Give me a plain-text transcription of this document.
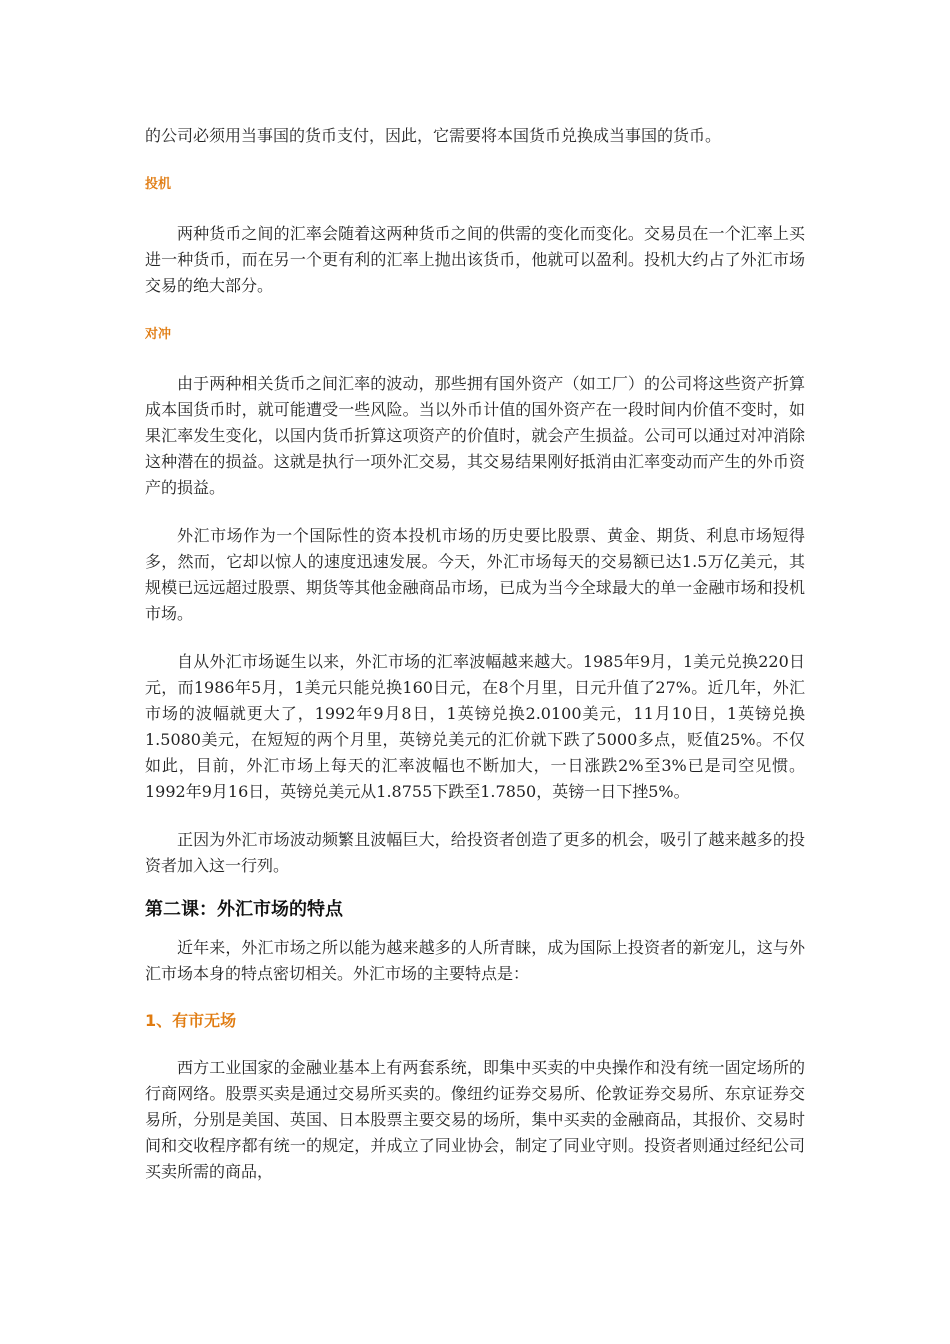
的公司必须用当事国的货币支付，因此，它需要将本国货币兑换成当事国的货币。

投机

两种货币之间的汇率会随着这两种货币之间的供需的变化而变化。交易员在一个汇率上买进一种货币，而在另一个更有利的汇率上抛出该货币，他就可以盈利。投机大约占了外汇市场交易的绝大部分。

对冲

由于两种相关货币之间汇率的波动，那些拥有国外资产（如工厂）的公司将这些资产折算成本国货币时，就可能遭受一些风险。当以外币计值的国外资产在一段时间内价值不变时，如果汇率发生变化，以国内货币折算这项资产的价值时，就会产生损益。公司可以通过对冲消除这种潜在的损益。这就是执行一项外汇交易，其交易结果刚好抵消由汇率变动而产生的外币资产的损益。

外汇市场作为一个国际性的资本投机市场的历史要比股票、黄金、期货、利息市场短得多，然而，它却以惊人的速度迅速发展。今天，外汇市场每天的交易额已达1.5万亿美元，其规模已远远超过股票、期货等其他金融商品市场，已成为当今全球最大的单一金融市场和投机市场。

自从外汇市场诞生以来，外汇市场的汇率波幅越来越大。1985年9月，1美元兑换220日元，而1986年5月，1美元只能兑换160日元，在8个月里，日元升值了27%。近几年，外汇市场的波幅就更大了，1992年9月8日，1英镑兑换2.0100美元，11月10日，1英镑兑换1.5080美元，在短短的两个月里，英镑兑美元的汇价就下跌了5000多点，贬值25%。不仅如此，目前，外汇市场上每天的汇率波幅也不断加大，一日涨跌2%至3%已是司空见惯。1992年9月16日，英镑兑美元从1.8755下跌至1.7850，英镑一日下挫5%。

正因为外汇市场波动频繁且波幅巨大，给投资者创造了更多的机会，吸引了越来越多的投资者加入这一行列。

第二课：外汇市场的特点

近年来，外汇市场之所以能为越来越多的人所青睐，成为国际上投资者的新宠儿，这与外汇市场本身的特点密切相关。外汇市场的主要特点是：

1、有市无场

西方工业国家的金融业基本上有两套系统，即集中买卖的中央操作和没有统一固定场所的行商网络。股票买卖是通过交易所买卖的。像纽约证券交易所、伦敦证券交易所、东京证券交易所，分别是美国、英国、日本股票主要交易的场所，集中买卖的金融商品，其报价、交易时间和交收程序都有统一的规定，并成立了同业协会，制定了同业守则。投资者则通过经纪公司买卖所需的商品，
